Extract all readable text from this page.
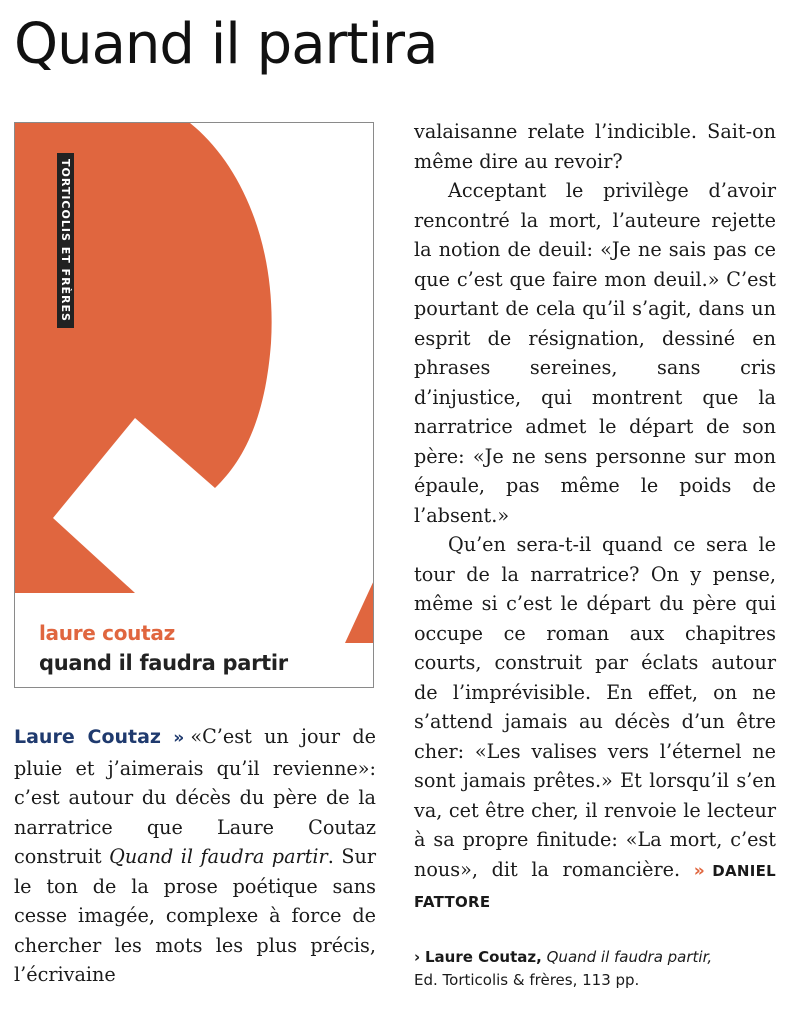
Quand il partira
TORTICOLIS ET FRÈRES
laure coutaz
quand il faudra partir

Laure Coutaz ›› «C’est un jour de pluie et j’aimerais qu’il revienne»: c’est autour du décès du père de la narratrice que Laure Coutaz construit Quand il faudra partir. Sur le ton de la prose poétique sans cesse imagée, complexe à force de chercher les mots les plus précis, l’écrivaine

valaisanne relate l’indicible. Sait-on même dire au revoir?

Acceptant le privilège d’avoir rencontré la mort, l’auteure rejette la notion de deuil: «Je ne sais pas ce que c’est que faire mon deuil.» C’est pourtant de cela qu’il s’agit, dans un esprit de résignation, dessiné en phrases sereines, sans cris d’injustice, qui montrent que la narratrice admet le départ de son père: «Je ne sens personne sur mon épaule, pas même le poids de l’absent.»

Qu’en sera-t-il quand ce sera le tour de la narratrice? On y pense, même si c’est le départ du père qui occupe ce roman aux chapitres courts, construit par éclats autour de l’imprévisible. En effet, on ne s’attend jamais au décès d’un être cher: «Les valises vers l’éternel ne sont jamais prêtes.» Et lorsqu’il s’en va, cet être cher, il renvoie le lecteur à sa propre finitude: «La mort, c’est nous», dit la romancière. ›› DANIEL FATTORE

› Laure Coutaz, Quand il faudra partir,
Ed. Torticolis & frères, 113 pp.
